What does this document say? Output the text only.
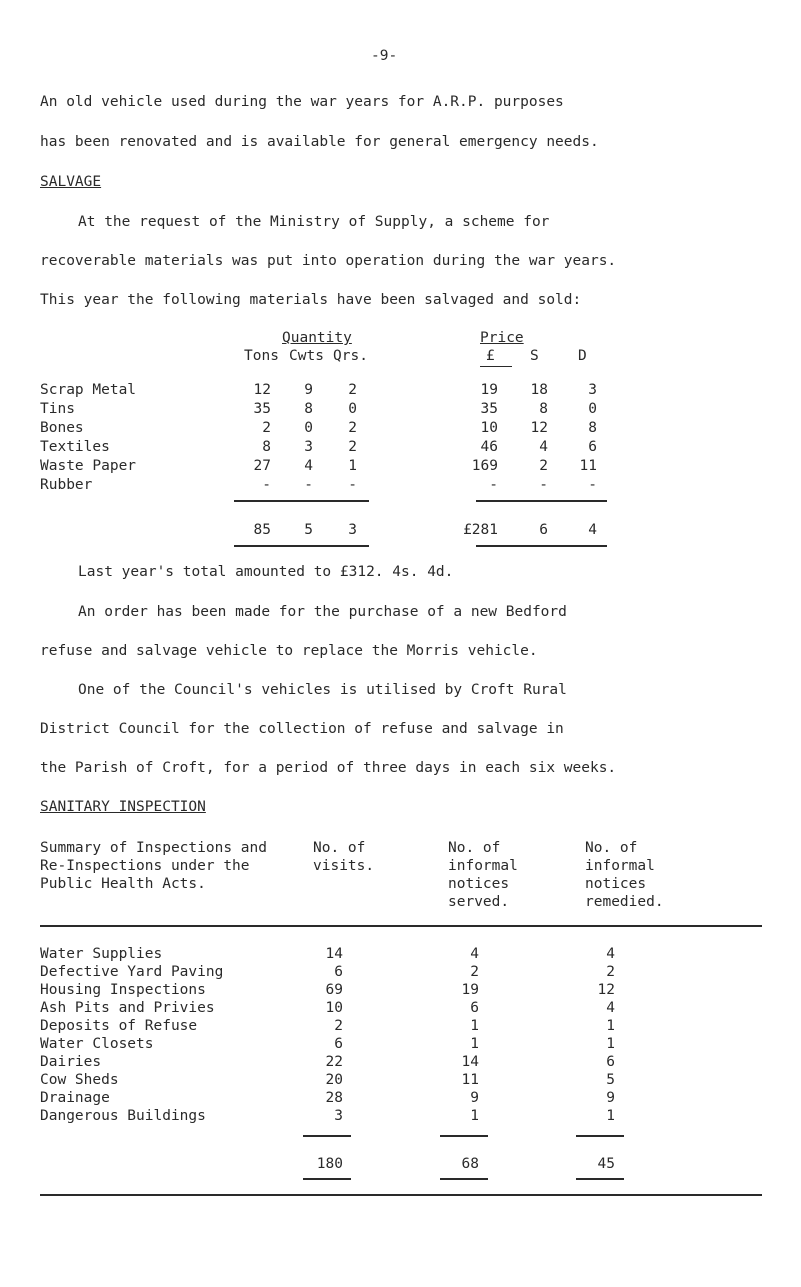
-9-
An old vehicle used during the war years for A.R.P. purposes
has been renovated and is available for general emergency needs.
SALVAGE
At the request of the Ministry of Supply, a scheme for
recoverable materials was put into operation during the war years.
This year the following materials have been salvaged and sold:
Quantity	Price
Tons Cwts Qrs.	£ S	D
Scrap Metal	12 9 2	19 18	3
Tins	35 8 0	35	8	0
Bones	2 0 2	10 12	8
Textiles	8 3 2	46	4	6
Waste Paper	27 4 1	169	2 11
Rubber	- - -	-	-	-
85 5 3	£281	6	4
Last year's total amounted to £312. 4s. 4d.
An order has been made for the purchase of a new Bedford
refuse and salvage vehicle to replace the Morris vehicle.
One of the Council's vehicles is utilised by Croft Rural
District Council for the collection of refuse and salvage in
the Parish of Croft, for a period of three days in each six weeks.
SANITARY INSPECTION
Summary of Inspections and
Re-Inspections under the
Public Health Acts.
No. of
visits.
No. of
informal
notices
served.
No. of
informal
notices
remedied.
Water Supplies	14	4	4
Defective Yard Paving	6	2	2
Housing Inspections	69	19	12
Ash Pits and Privies	10	6	4
Deposits of Refuse	2	1	1
Water Closets	6	1	1
Dairies	22	14	6
Cow Sheds	20	11	5
Drainage	28	9	9
Dangerous Buildings	3	1	1
180	68	45
